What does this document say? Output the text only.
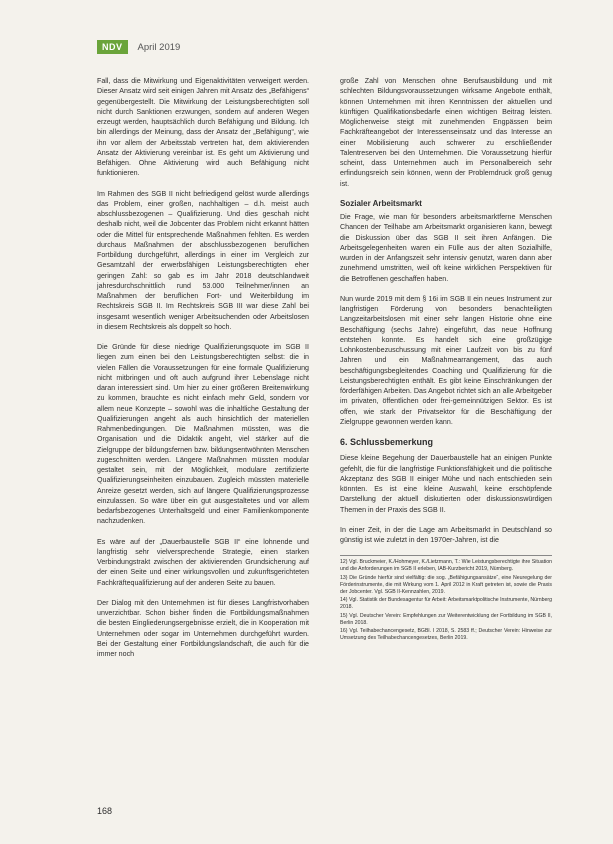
NDV	April 2019

Fall, dass die Mitwirkung und Eigenaktivitäten verweigert werden. Dieser Ansatz wird seit einigen Jahren mit Ansatz des „Befähigens“ gegenübergestellt. Die Mitwirkung der Leistungsberechtigten soll nicht durch Sanktionen erzwungen, sondern auf anderen Wegen erzeugt werden, hauptsächlich durch Befähigung und Bildung. Ich bin allerdings der Meinung, dass der Ansatz der „Befähigung“, wie ihn vor allem der Arbeitsstab vertreten hat, dem aktivierenden Ansatz der Aktivierung vereinbar ist. Es geht um Aktivierung und Befähigen. Ohne Aktivierung wird auch Befähigung nicht funktionieren.

Im Rahmen des SGB II nicht befriedigend gelöst wurde allerdings das Problem, einer großen, nachhaltigen – d.h. meist auch abschlussbezogenen – Qualifizierung. Und dies geschah nicht deshalb nicht, weil die Jobcenter das Problem nicht erkannt hätten oder die Mittel für entsprechende Maßnahmen fehlten. Es werden durchaus Maßnahmen der abschlussbezogenen beruflichen Fortbildung durchgeführt, allerdings in einer im Vergleich zur Gesamtzahl der erwerbsfähigen Leistungsberechtigten eher geringen Zahl: so gab es im Jahr 2018 deutschlandweit jahresdurchschnittlich rund 53.000 Teilnehmer/innen an Maßnahmen der beruflichen Fort- und Weiterbildung im Rechtskreis SGB II. Im Rechtskreis SGB III war diese Zahl bei insgesamt wesentlich weniger Arbeitsuchenden oder Arbeitslosen in diesem Rechtskreis als doppelt so hoch.

Die Gründe für diese niedrige Qualifizierungsquote im SGB II liegen zum einen bei den Leistungsberechtigten selbst: die in vielen Fällen die Voraussetzungen für eine formale Qualifizierung nicht mitbringen und oft auch aufgrund ihrer Lebenslage nicht daran interessiert sind. Um hier zu einer größeren Breitenwirkung zu kommen, brauchte es nicht einfach mehr Geld, sondern vor allem neue Konzepte – sowohl was die inhaltliche Gestaltung der Qualifizierungen angeht als auch hinsichtlich der materiellen Rahmenbedingungen. Die Maßnahmen müssten, was die Organisation und die Didaktik angeht, viel stärker auf die Zielgruppe der bildungsfernen bzw. bildungsentwöhnten Menschen zugeschnitten werden. Längere Maßnahmen müssten modular gestaltet sein, mit der Möglichkeit, modulare zertifizierte Qualifizierungseinheiten einzubauen. Zugleich müssten materielle Anreize gesetzt werden, sich auf längere Qualifizierungsprozesse einzulassen. So wäre über ein gut ausgestaltetes und vor allem bedarfsbezogenes Unterhaltsgeld und einer Familienkomponente nachzudenken.

Es wäre auf der „Dauerbaustelle SGB II“ eine lohnende und langfristig sehr vielversprechende Strategie, einen starken Verbindungstrakt zwischen der aktivierenden Grundsicherung auf der einen Seite und einer wirkungsvollen und zukunftsgerichteten Fachkräftequalifizierung auf der anderen Seite zu bauen.

Der Dialog mit den Unternehmen ist für dieses Langfristvorhaben unverzichtbar. Schon bisher finden die Fortbildungsmaßnahmen die besten Eingliederungsergebnisse erzielt, die in Kooperation mit Unternehmen oder sogar im Unternehmen durchgeführt wurden. Bei der Gestaltung einer Fortbildungslandschaft, die auch für die immer noch

große Zahl von Menschen ohne Berufsausbildung und mit schlechten Bildungsvoraussetzungen wirksame Angebote enthält, können Unternehmen mit ihren Kenntnissen der aktuellen und künftigen Qualifikationsbedarfe einen wichtigen Beitrag leisten. Möglicherweise steigt mit zunehmenden Engpässen beim Fachkräfteangebot der Interessenseinsatz und das Interesse an einer Mobilisierung auch schwerer zu erschließender Talentreserven bei den Unternehmen. Die Voraussetzung hierfür scheint, dass Unternehmen auch im Personalbereich sehr erfindungsreich sein können, wenn der Problemdruck groß genug ist.

Sozialer Arbeitsmarkt

Die Frage, wie man für besonders arbeitsmarktferne Menschen Chancen der Teilhabe am Arbeitsmarkt organisieren kann, bewegt die Diskussion über das SGB II seit ihren Anfängen. Die Arbeitsgelegenheiten waren ein Fülle aus der alten Sozialhilfe, wurden in der Anfangszeit sehr intensiv genutzt, waren dann aber zunehmend umstritten, weil oft keine wirklichen Perspektiven für die Betroffenen geschaffen haben.

Nun wurde 2019 mit dem § 16i im SGB II ein neues Instrument zur langfristigen Förderung von besonders benachteiligten Langzeitarbeitslosen mit einer sehr langen Historie ohne eine Beschäftigung (sechs Jahre) eingeführt, das neue Hoffnung entstehen konnte. Es handelt sich eine großzügige Lohnkostenbezuschussung mit einer Laufzeit von bis zu fünf Jahren und ein Maßnahmearrangement, das auch beschäftigungsbegleitendes Coaching und Qualifizierung für die Leistungsberechtigten enthält. Es gibt keine Einschränkungen der förderfähigen Arbeiten. Das Angebot richtet sich an alle Arbeitgeber im privaten, öffentlichen oder frei-gemeinnützigen Sektor. Es ist offen, wie stark der Privatsektor für die Beschäftigung der Zielgruppe gewonnen werden kann.

6. Schlussbemerkung

Diese kleine Begehung der Dauerbaustelle hat an einigen Punkte gefehlt, die für die langfristige Funktionsfähigkeit und die politische Akzeptanz des SGB II einiger Mühe und nach entschieden sein könnten. Es ist eine kleine Auswahl, keine erschöpfende Darstellung der aktuell diskutierten oder diskussionswürdigen Themen in der Praxis des SGB II.

In einer Zeit, in der die Lage am Arbeitsmarkt in Deutschland so günstig ist wie zuletzt in den 1970er-Jahren, ist die

12) Vgl. Bruckmeier, K./Hohmeyer, K./Lietzmann, T.: Wie Leistungsberechtigte ihre Situation und die Anforderungen im SGB II erleben, IAB-Kurzbericht 2019, Nürnberg.
13) Die Gründe hierfür sind vielfältig: die sog. „Befähigungsansätze“, eine Neuregelung der Förderinstrumente, die mit Wirkung vom 1. April 2012 in Kraft getreten ist, sowie die Praxis der Jobcenter. Vgl. SGB II-Kennzahlen, 2019.
14) Vgl. Statistik der Bundesagentur für Arbeit: Arbeitsmarktpolitische Instrumente, Nürnberg 2018.
15) Vgl. Deutscher Verein: Empfehlungen zur Weiterentwicklung der Fortbildung im SGB II, Berlin 2018.
16) Vgl. Teilhabechancengesetz, BGBl. I 2018, S. 2583 ff.; Deutscher Verein: Hinweise zur Umsetzung des Teilhabechancengesetzes, Berlin 2019.
168
